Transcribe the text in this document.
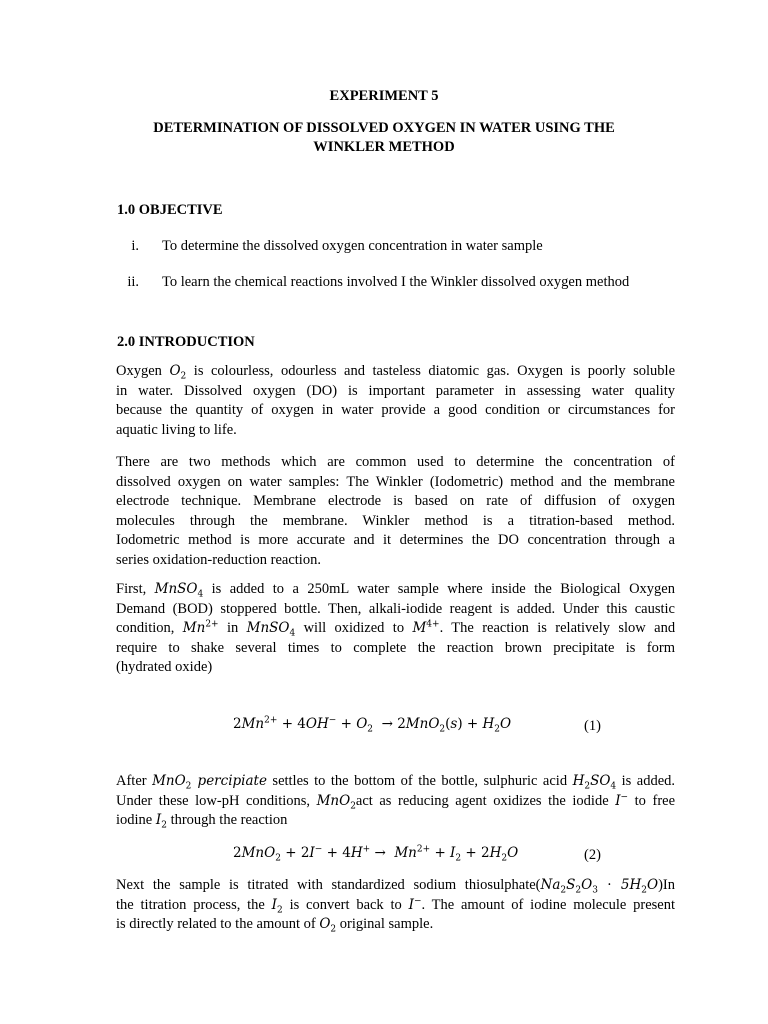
EXPERIMENT 5
DETERMINATION OF DISSOLVED OXYGEN IN WATER USING THE
WINKLER METHOD
1.0 OBJECTIVE
i. To determine the dissolved oxygen concentration in water sample
ii. To learn the chemical reactions involved I the Winkler dissolved oxygen method
2.0 INTRODUCTION
Oxygen $O_2$ is colourless, odourless and tasteless diatomic gas. Oxygen is poorly soluble
in water. Dissolved oxygen (DO) is important parameter in assessing water quality
because the quantity of oxygen in water provide a good condition or circumstances for
aquatic living to life.
There are two methods which are common used to determine the concentration of
dissolved oxygen on water samples: The Winkler (Iodometric) method and the membrane
electrode technique. Membrane electrode is based on rate of diffusion of oxygen
molecules through the membrane. Winkler method is a titration-based method.
Iodometric method is more accurate and it determines the DO concentration through a
series oxidation-reduction reaction.
First, MnSO$_4$ is added to a 250mL water sample where inside the Biological Oxygen
Demand (BOD) stoppered bottle. Then, alkali-iodide reagent is added. Under this caustic
condition, $Mn^{2+}$ in MnSO$_4$ will oxidized to $M^{4+}$. The reaction is relatively slow and
require to shake several times to complete the reaction brown precipitate is form
(hydrated oxide)
$2Mn^{2+} + 4OH^- + O_2 \to 2MnO_2(s) + H_2O$	(1)
After MnO$_2$ percipiate settles to the bottom of the bottle, sulphuric acid $H_2SO_4$ is added.
Under these low-pH conditions, MnO$_2$act as reducing agent oxidizes the iodide I− to free
iodine $I_2$ through the reaction
$2MnO_2 + 2I^- + 4H^+ \to Mn^{2+} + I_2 + 2H_2O$	(2)
Next the sample is titrated with standardized sodium $thiosulphate(Na_2S_2O_3 \cdot 5H_2O)In$
the titration process, the $I_2$ is convert back to I−. The amount of iodine molecule present
is directly related to the amount of $O_2$ original sample.
